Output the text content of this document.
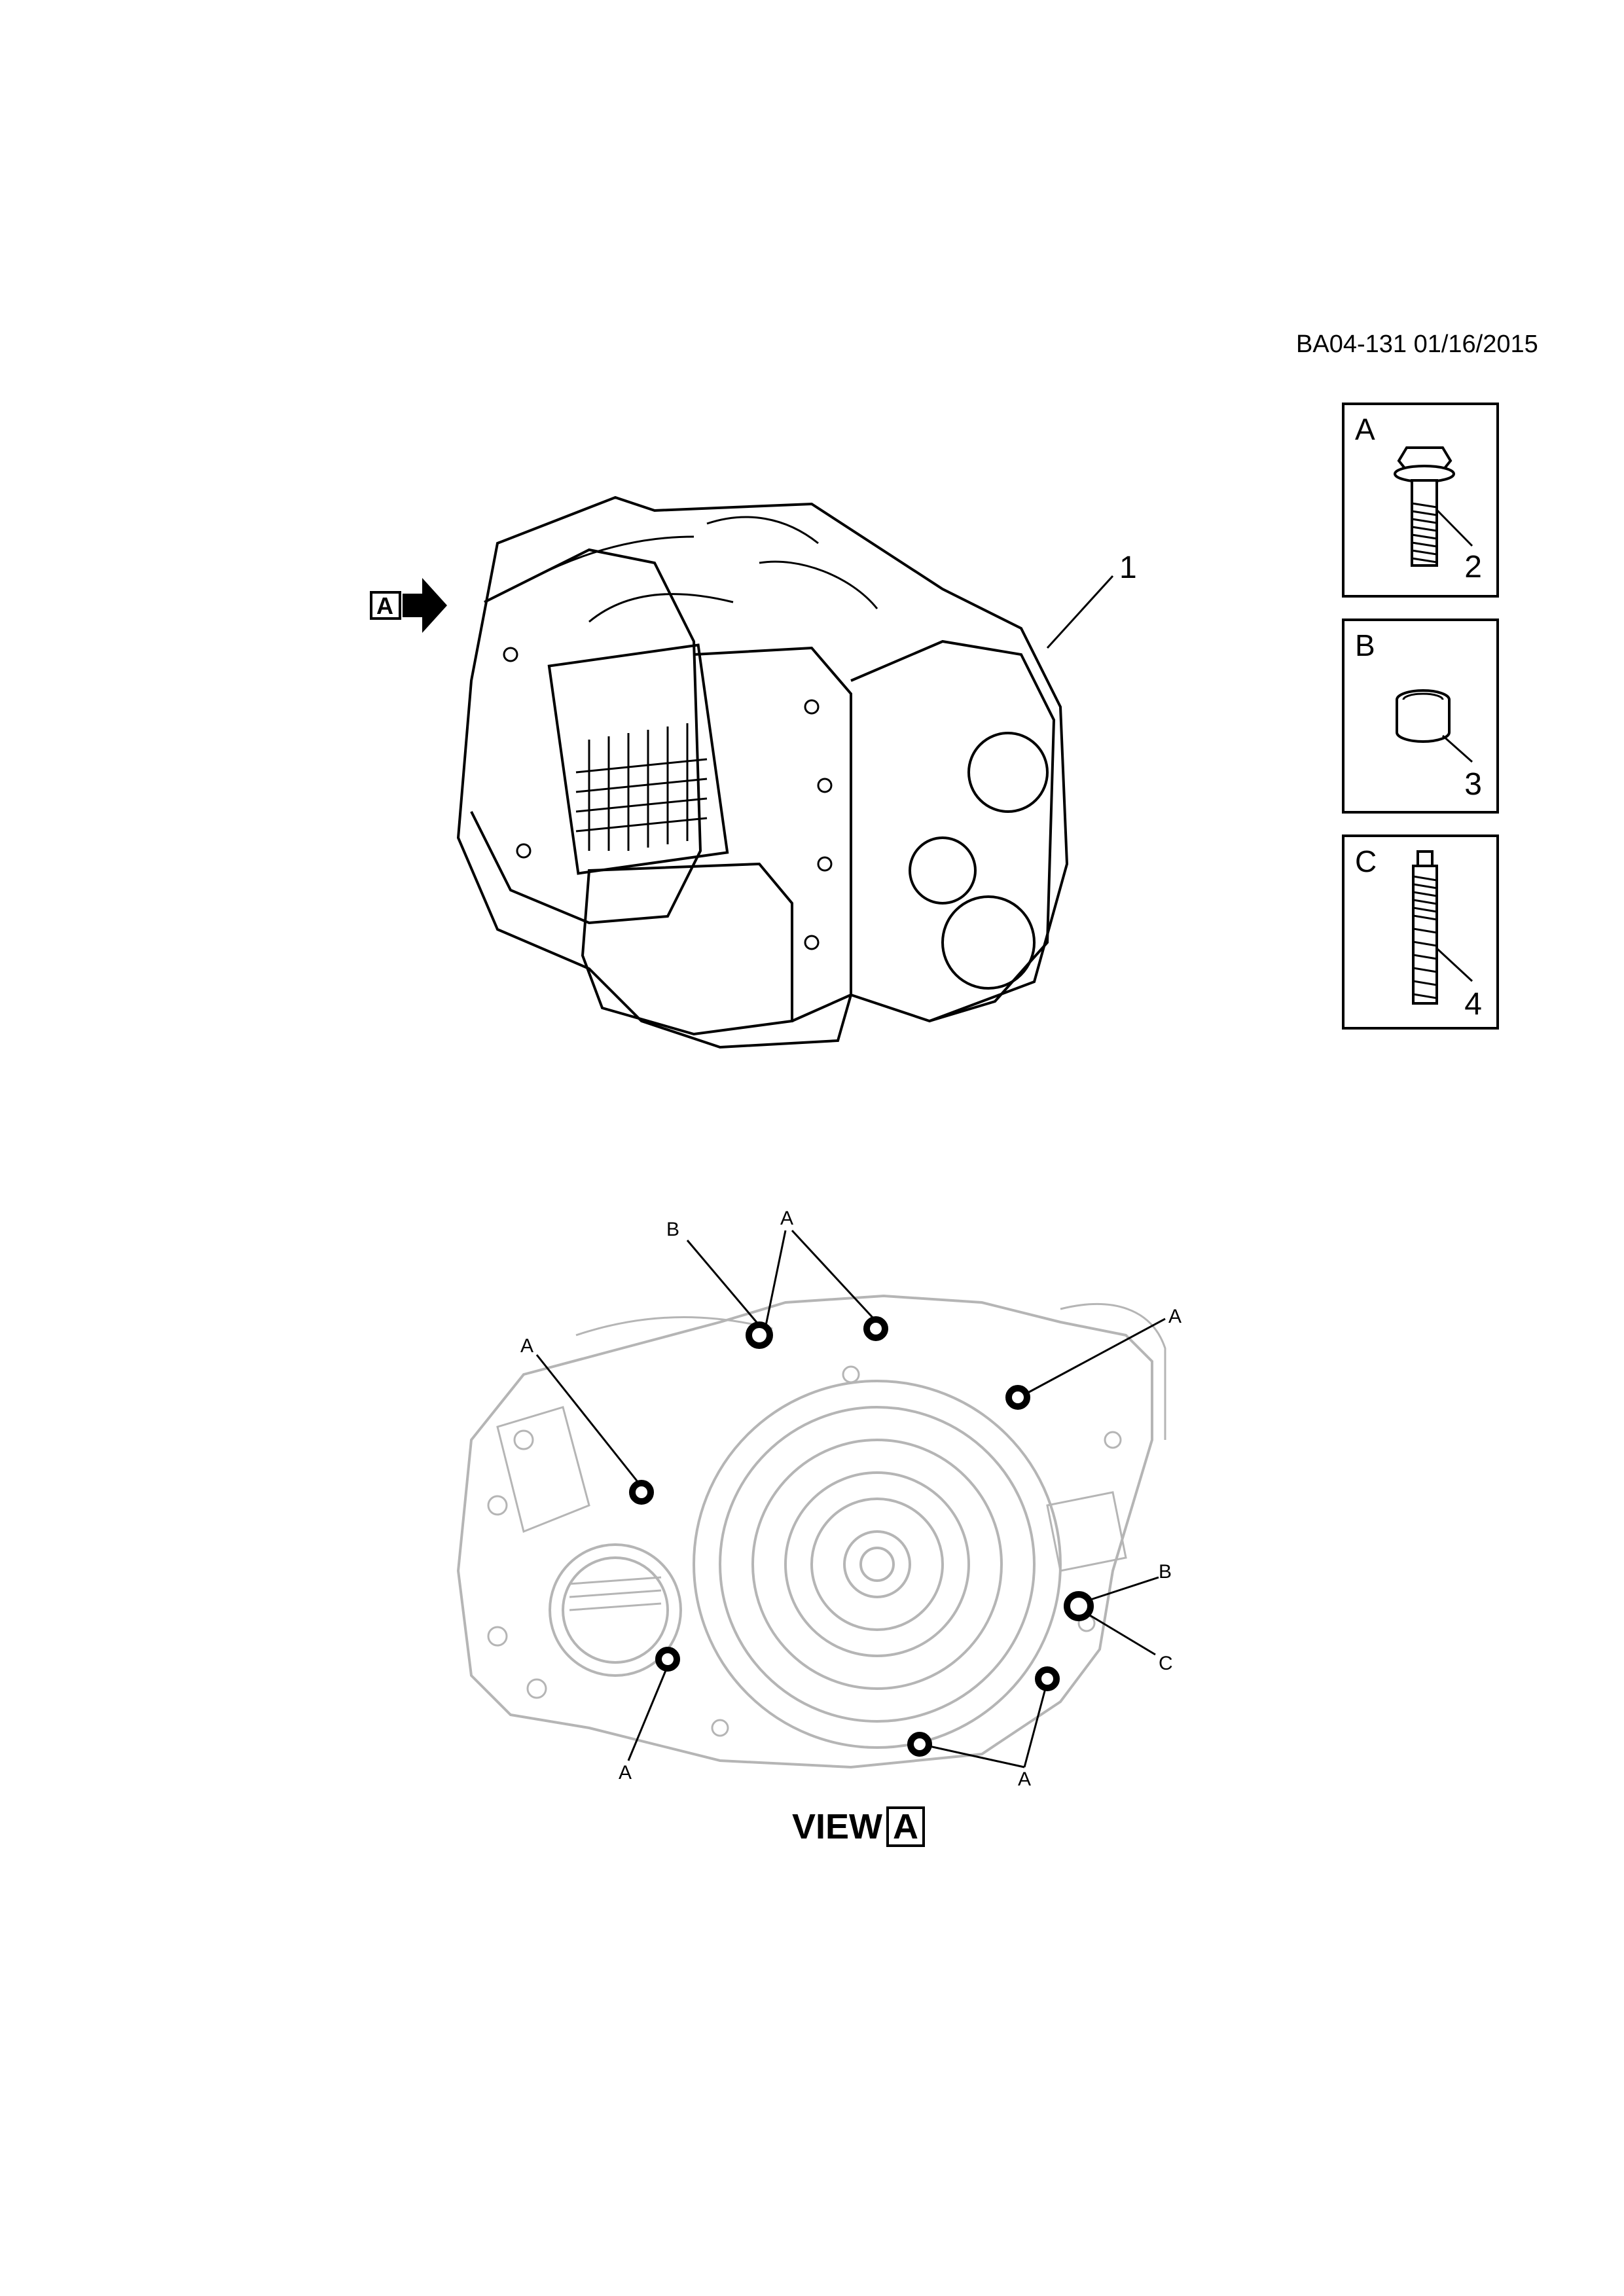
BA04-131 01/16/2015
A
2
B
3
C
4
1
A
B
A
A
A
B
C
A	A
VIEW A
